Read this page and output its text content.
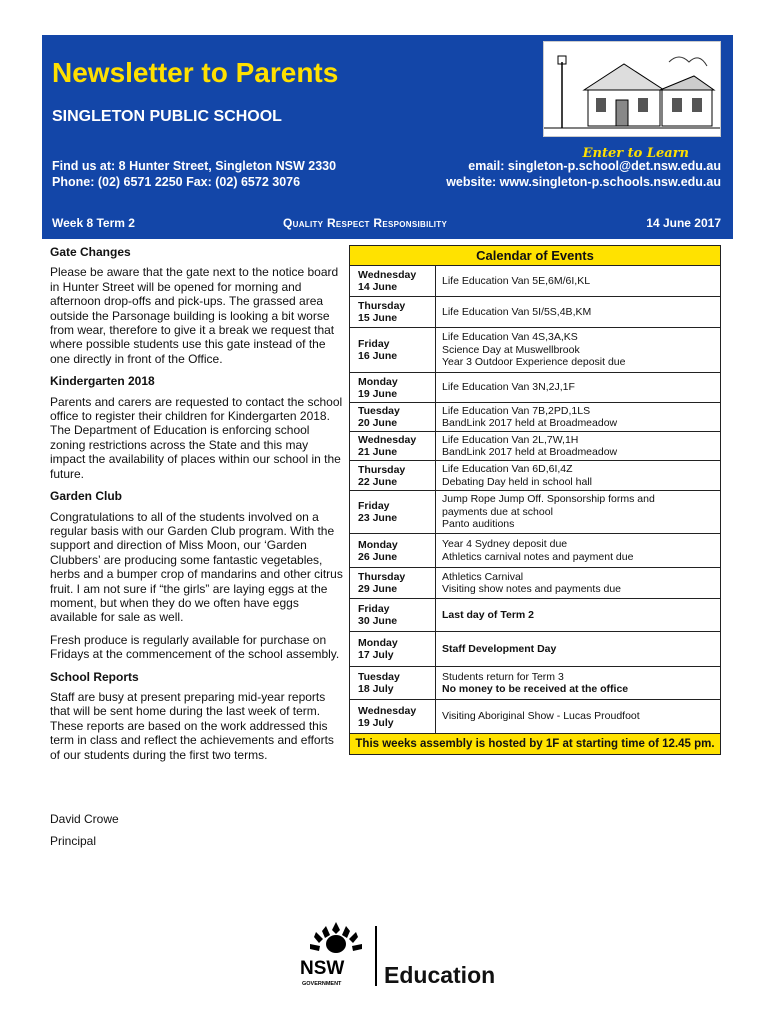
Newsletter to Parents
SINGLETON PUBLIC SCHOOL
Enter to Learn
Find us at: 8 Hunter Street, Singleton NSW 2330
Phone: (02) 6571 2250 Fax: (02) 6572 3076
email: singleton-p.school@det.nsw.edu.au
website: www.singleton-p.schools.nsw.edu.au
Week 8 Term 2	Quality Respect Responsibility	14 June 2017
Gate Changes

Please be aware that the gate next to the notice board in Hunter Street will be opened for morning and afternoon drop-offs and pick-ups. The grassed area outside the Parsonage building is looking a bit worse from wear, therefore to give it a break we request that where possible students use this gate instead of the one directly in front of the Office.

Kindergarten 2018

Parents and carers are requested to contact the school office to register their children for Kindergarten 2018. The Department of Education is enforcing school zoning restrictions across the State and this may impact the availability of places within our school in the future.

Garden Club

Congratulations to all of the students involved on a regular basis with our Garden Club program. With the support and direction of Miss Moon, our ‘Garden Clubbers’ are producing some fantastic vegetables, herbs and a bumper crop of mandarins and other citrus fruit. I am not sure if “the girls” are laying eggs at the moment, but when they do we often have eggs available for sale as well.

Fresh produce is regularly available for purchase on Fridays at the commencement of the school assembly.

School Reports

Staff are busy at present preparing mid-year reports that will be sent home during the last week of term. These reports are based on the work addressed this term in class and reflect the achievements and efforts of our students during the first two terms.

David Crowe
Principal
Calendar of Events
Wednesday
14 June
Life Education Van 5E,6M/6I,KL
Thursday
15 June
Life Education Van 5I/5S,4B,KM
Friday
16 June
Life Education Van 4S,3A,KS
Science Day at Muswellbrook
Year 3 Outdoor Experience deposit due
Monday
19 June
Life Education Van 3N,2J,1F
Tuesday
20 June
Life Education Van 7B,2PD,1LS
BandLink 2017 held at Broadmeadow
Wednesday
21 June
Life Education Van 2L,7W,1H
BandLink 2017 held at Broadmeadow
Thursday
22 June
Life Education Van 6D,6I,4Z
Debating Day held in school hall
Friday
23 June
Jump Rope Jump Off. Sponsorship forms and
payments due at school
Panto auditions
Monday
26 June
Year 4 Sydney deposit due
Athletics carnival notes and payment due
Thursday
29 June
Athletics Carnival
Visiting show notes and payments due
Friday
30 June
Last day of Term 2
Monday
17 July
Staff Development Day
Tuesday
18 July
Students return for Term 3
No money to be received at the office
Wednesday
19 July
Visiting Aboriginal Show - Lucas Proudfoot
This weeks assembly is hosted by 1F at starting time of 12.45 pm.
NSW
GOVERNMENT Education
